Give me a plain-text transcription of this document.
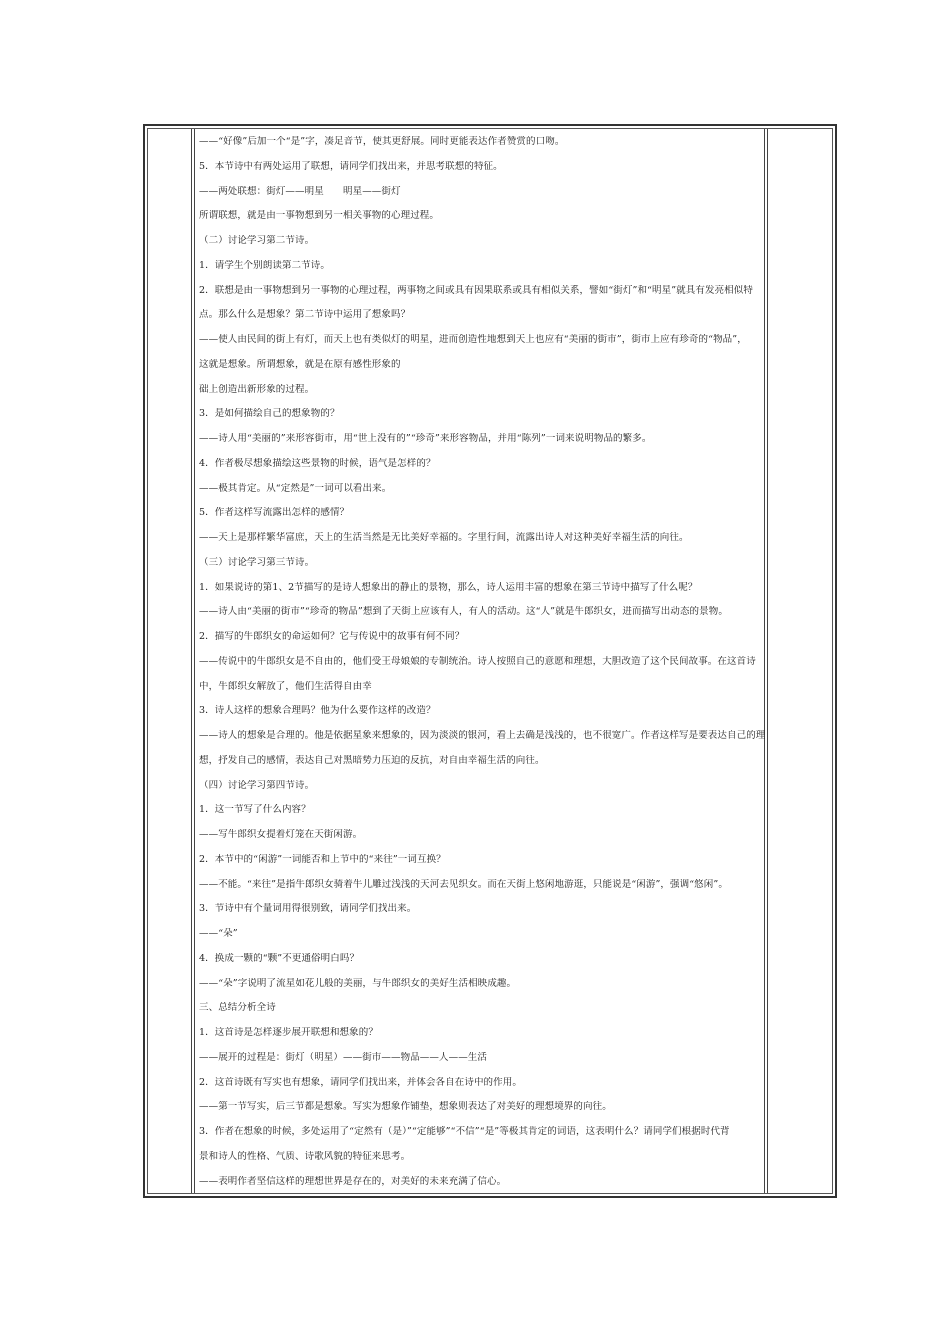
——“好像”后加一个“是”字，凑足音节，使其更舒展。同时更能表达作者赞赏的口吻。
5．本节诗中有两处运用了联想，请同学们找出来，并思考联想的特征。
——两处联想：街灯——明星　　明星——街灯
所谓联想，就是由一事物想到另一相关事物的心理过程。
（二）讨论学习第二节诗。
1．请学生个别朗读第二节诗。
2．联想是由一事物想到另一事物的心理过程，两事物之间或具有因果联系或具有相似关系，譬如“街灯”和“明星”就具有发亮相似特
点。那么什么是想象？第二节诗中运用了想象吗？
——使人由民间的街上有灯，而天上也有类似灯的明星，进而创造性地想到天上也应有“美丽的街市”，街市上应有珍奇的“物品”，
这就是想象。所谓想象，就是在原有感性形象的
础上创造出新形象的过程。
3．是如何描绘自己的想象物的？
——诗人用“美丽的”来形容街市，用“世上没有的”“珍奇”来形容物品，并用“陈列”一词来说明物品的繁多。
4．作者极尽想象描绘这些景物的时候，语气是怎样的？
——极其肯定。从“定然是”一词可以看出来。
5．作者这样写流露出怎样的感情？
——天上是那样繁华富庶，天上的生活当然是无比美好幸福的。字里行间，流露出诗人对这种美好幸福生活的向往。
（三）讨论学习第三节诗。
1．如果说诗的第1、2节描写的是诗人想象出的静止的景物，那么，诗人运用丰富的想象在第三节诗中描写了什么呢？
——诗人由“美丽的街市”“珍奇的物品”想到了天街上应该有人，有人的活动。这“人”就是牛郎织女，进而描写出动态的景物。
2．描写的牛郎织女的命运如何？它与传说中的故事有何不同？
——传说中的牛郎织女是不自由的，他们受王母娘娘的专制统治。诗人按照自己的意愿和理想，大胆改造了这个民间故事。在这首诗
中，牛郎织女解放了，他们生活得自由幸
3．诗人这样的想象合理吗？他为什么要作这样的改造？
——诗人的想象是合理的。他是依据星象来想象的，因为淡淡的银河，看上去确是浅浅的，也不很宽广。作者这样写是要表达自己的理
想，抒发自己的感情，表达自己对黑暗势力压迫的反抗，对自由幸福生活的向往。
（四）讨论学习第四节诗。
1．这一节写了什么内容？
——写牛郎织女提着灯笼在天街闲游。
2．本节中的“闲游”一词能否和上节中的“来往”一词互换？
——不能。“来往”是指牛郎织女骑着牛儿雕过浅浅的天河去见织女。而在天街上悠闲地游逛，只能说是“闲游”，强调“悠闲”。
3．节诗中有个量词用得很别致，请同学们找出来。
——“朵”
4．换成一颗的“颗”不更通俗明白吗？
——“朵”字说明了流星如花儿般的美丽，与牛郎织女的美好生活相映成趣。
三、总结分析全诗
1．这首诗是怎样逐步展开联想和想象的？
——展开的过程是：街灯（明星）——街市——物品——人——生活
2．这首诗既有写实也有想象，请同学们找出来，并体会各自在诗中的作用。
——第一节写实，后三节都是想象。写实为想象作铺垫，想象则表达了对美好的理想境界的向往。
3．作者在想象的时候，多处运用了“定然有（是）”“定能够”“不信”“是”等极其肯定的词语，这表明什么？请同学们根据时代背
景和诗人的性格、气质、诗歌风貌的特征来思考。
——表明作者坚信这样的理想世界是存在的，对美好的未来充满了信心。
